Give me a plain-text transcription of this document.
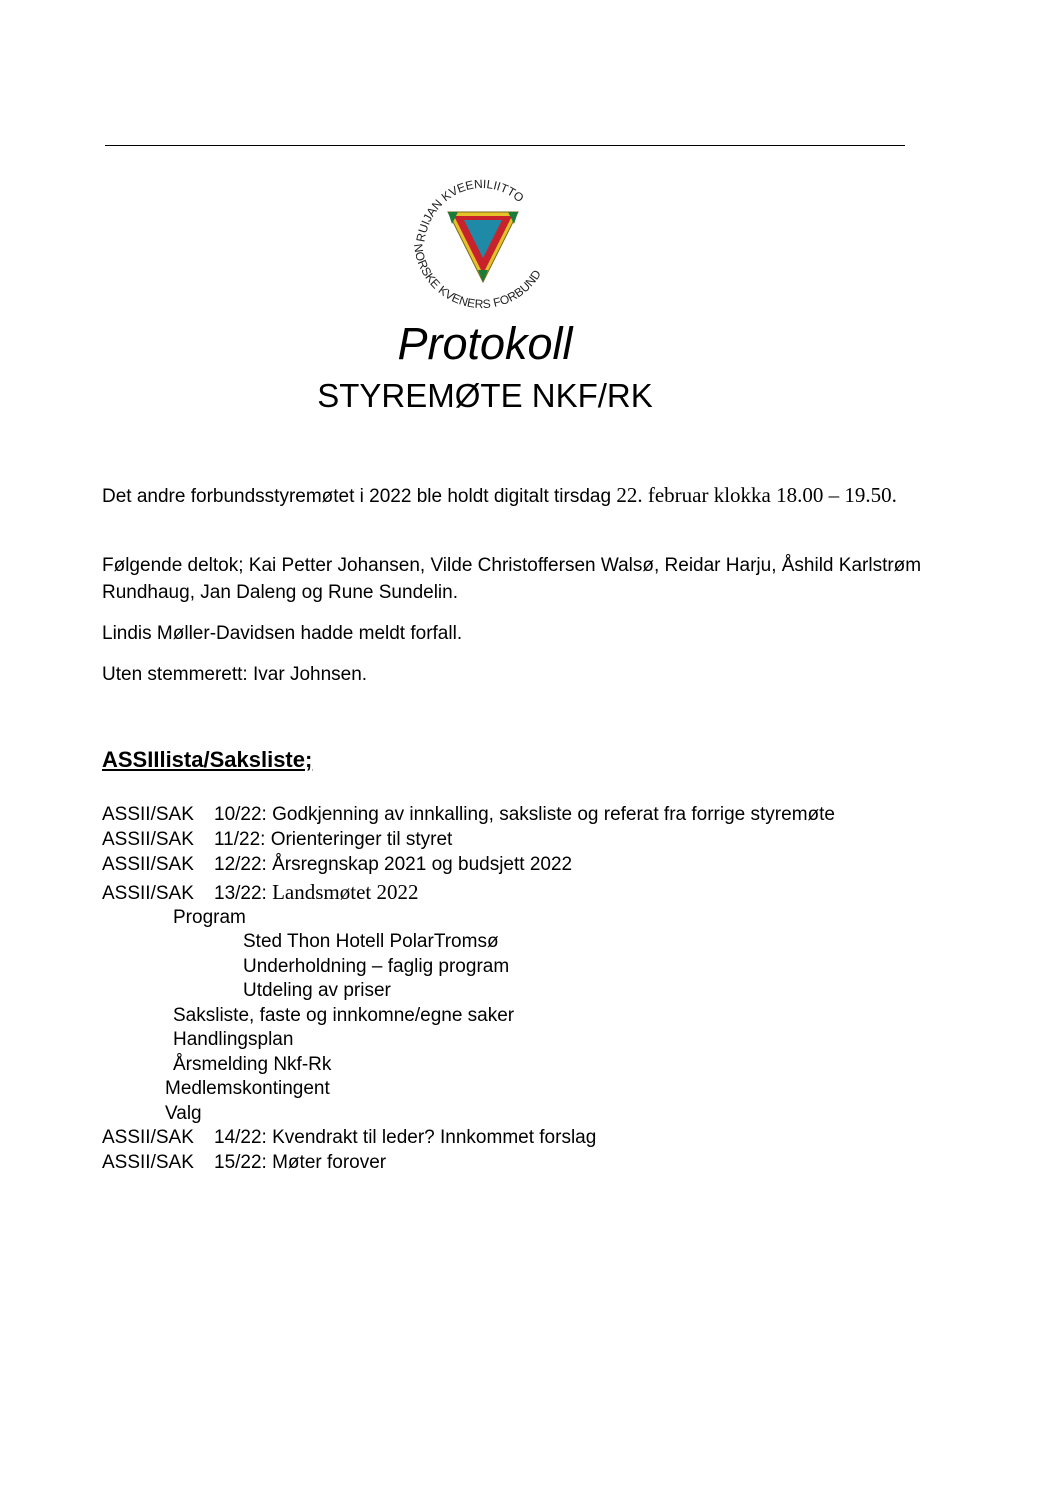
RUIJAN KVEENILIITTO
NORSKE KVENERS FORBUND
Protokoll
STYREMØTE NKF/RK

Det andre forbundsstyremøtet i 2022 ble holdt digitalt tirsdag 22. februar klokka 18.00 – 19.50.

Følgende deltok; Kai Petter Johansen, Vilde Christoffersen Walsø, Reidar Harju, Åshild Karlstrøm Rundhaug, Jan Daleng og Rune Sundelin.

Lindis Møller-Davidsen hadde meldt forfall.

Uten stemmerett: Ivar Johnsen.

ASSIIlista/Saksliste;
ASSII/SAK 10/22: Godkjenning av innkalling, saksliste og referat fra forrige styremøte
ASSII/SAK 11/22: Orienteringer til styret
ASSII/SAK 12/22: Årsregnskap 2021 og budsjett 2022
ASSII/SAK 13/22: Landsmøtet 2022
Program
Sted Thon Hotell PolarTromsø
Underholdning – faglig program
Utdeling av priser
Saksliste, faste og innkomne/egne saker
Handlingsplan
Årsmelding Nkf-Rk
Medlemskontingent
Valg
ASSII/SAK 14/22: Kvendrakt til leder? Innkommet forslag
ASSII/SAK 15/22: Møter forover
